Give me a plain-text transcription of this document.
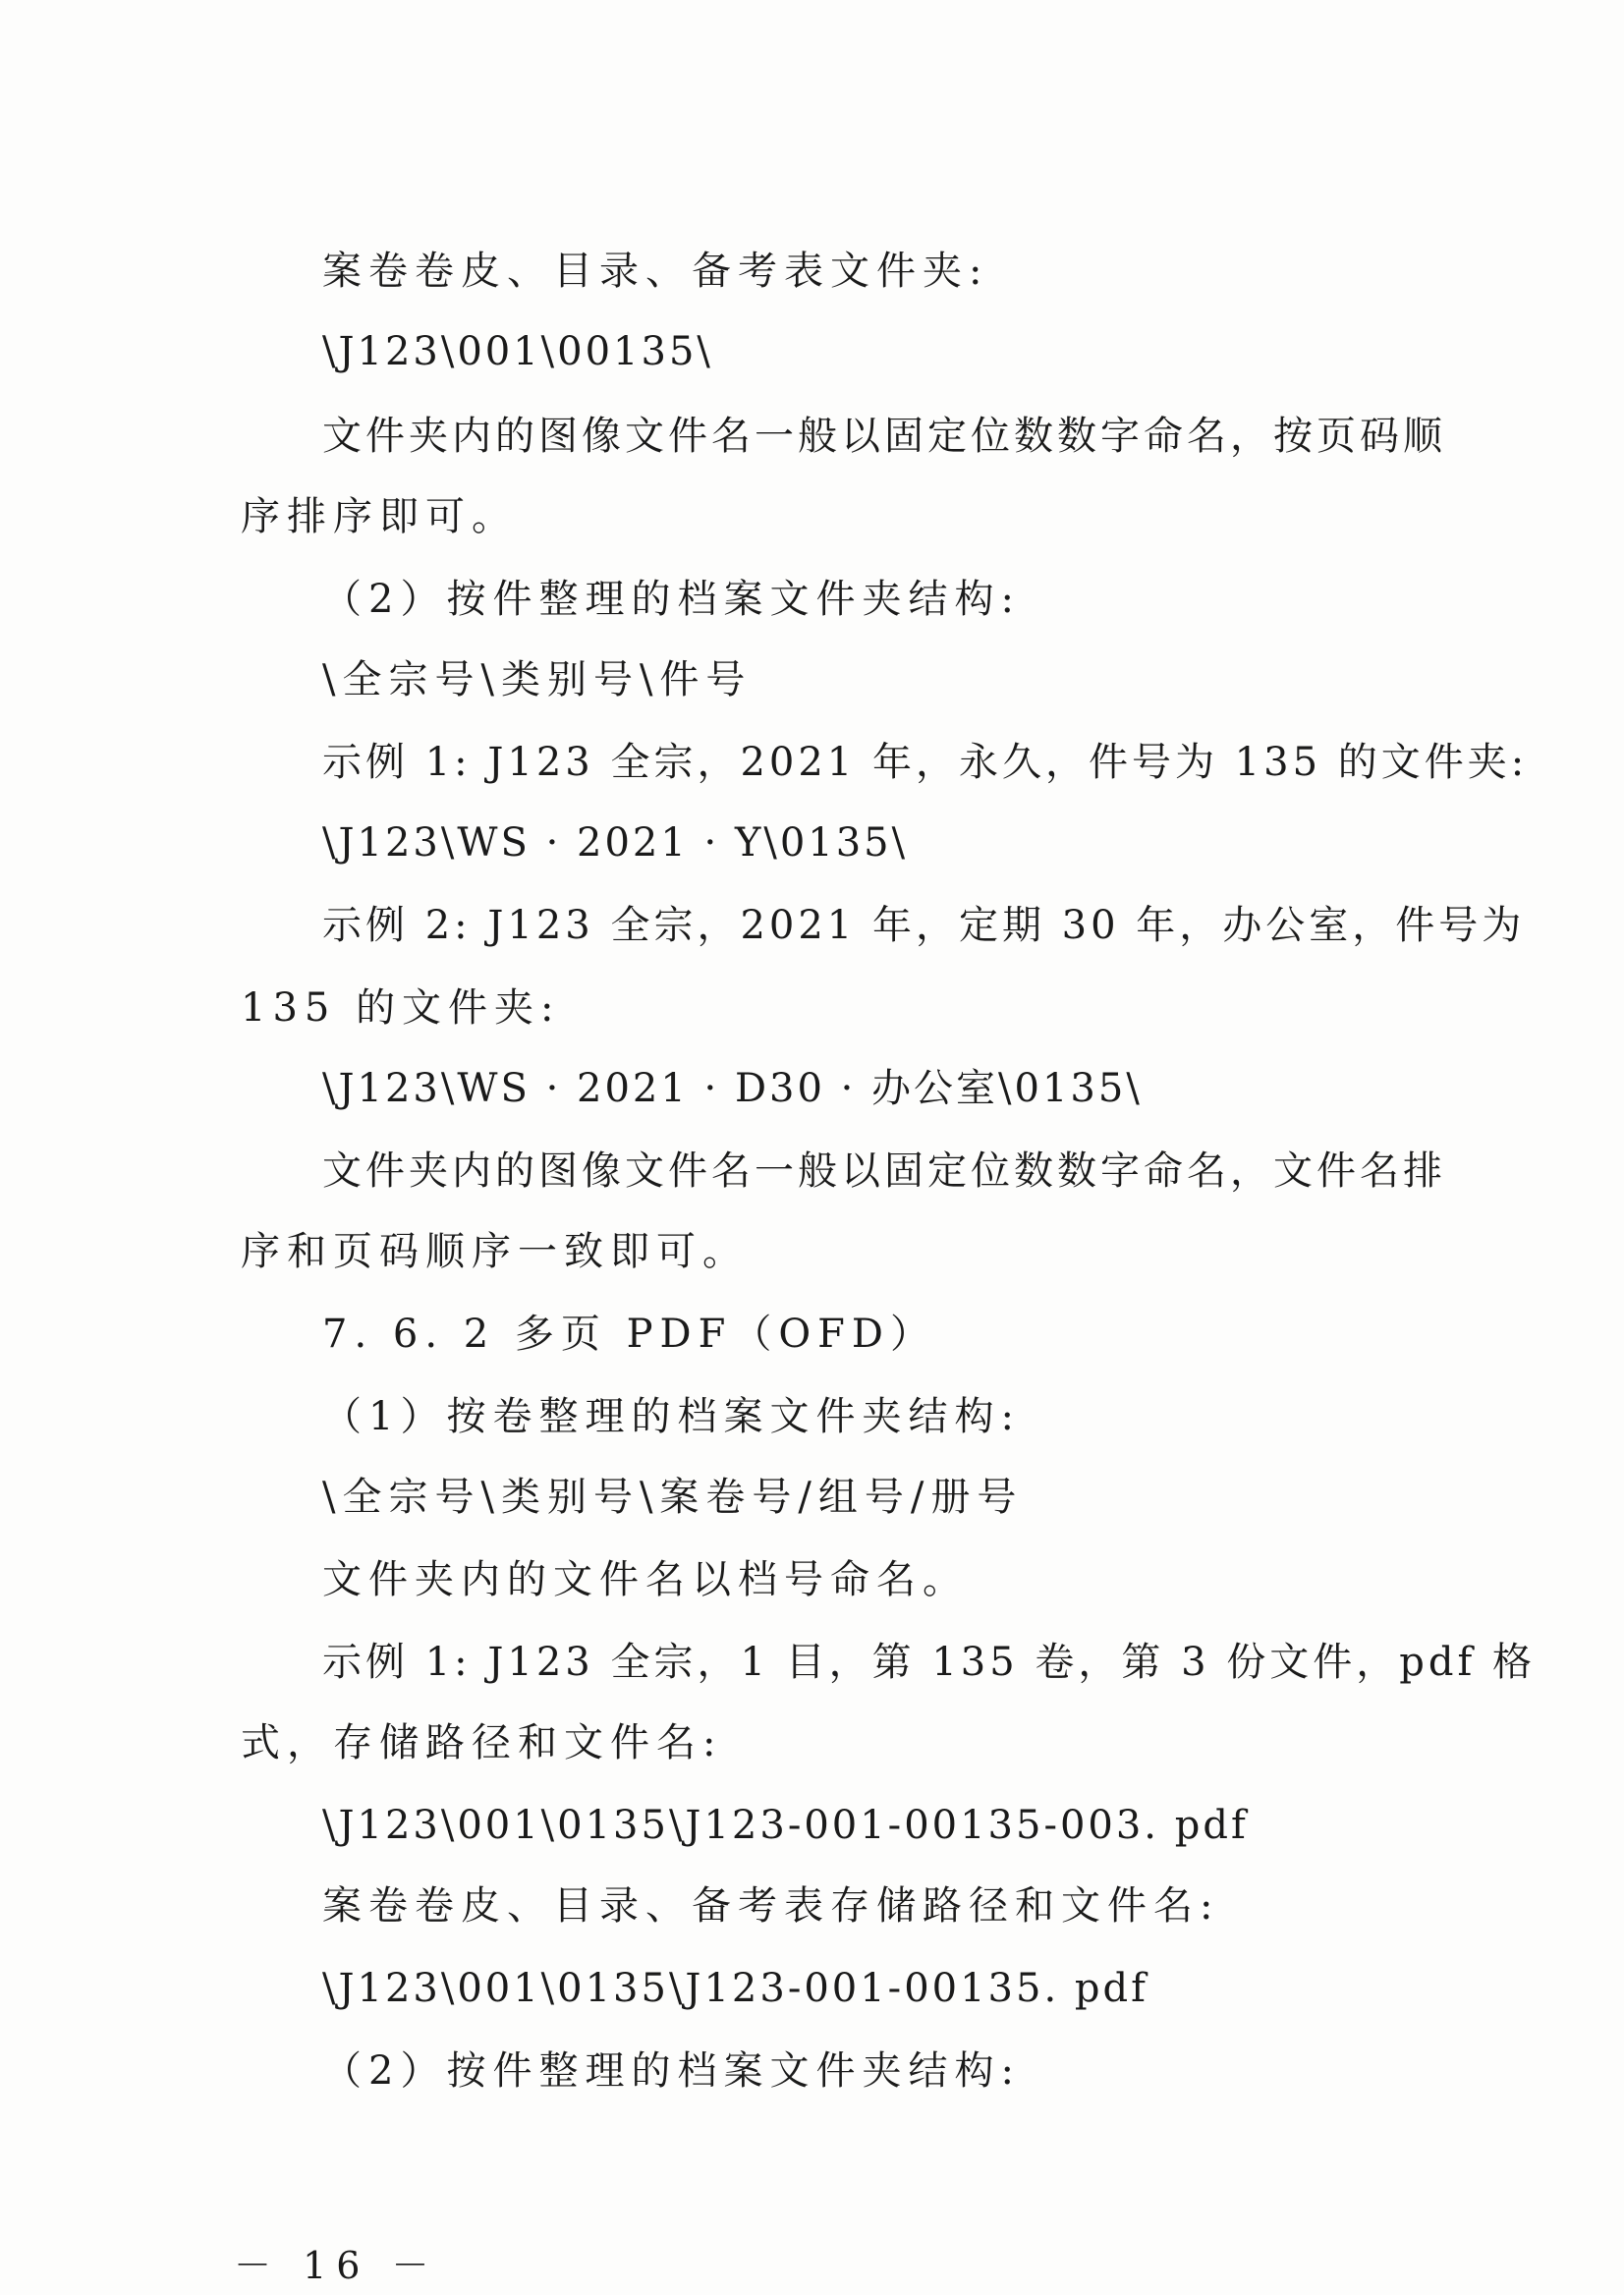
案卷卷皮、目录、备考表文件夹:
\J123\001\00135\
文件夹内的图像文件名一般以固定位数数字命名，按页码顺
序排序即可。
（2）按件整理的档案文件夹结构:
\全宗号\类别号\件号
示例 1: J123 全宗，2021 年，永久，件号为 135 的文件夹:
\J123\WS · 2021 · Y\0135\
示例 2: J123 全宗，2021 年，定期 30 年，办公室，件号为
135 的文件夹:
\J123\WS · 2021 · D30 · 办公室\0135\
文件夹内的图像文件名一般以固定位数数字命名，文件名排
序和页码顺序一致即可。
7. 6. 2 多页 PDF（OFD）
（1）按卷整理的档案文件夹结构:
\全宗号\类别号\案卷号/组号/册号
文件夹内的文件名以档号命名。
示例 1: J123 全宗，1 目，第 135 卷，第 3 份文件，pdf 格
式，存储路径和文件名:
\J123\001\0135\J123-001-00135-003. pdf
案卷卷皮、目录、备考表存储路径和文件名:
\J123\001\0135\J123-001-00135. pdf
（2）按件整理的档案文件夹结构:
－ 16 －
